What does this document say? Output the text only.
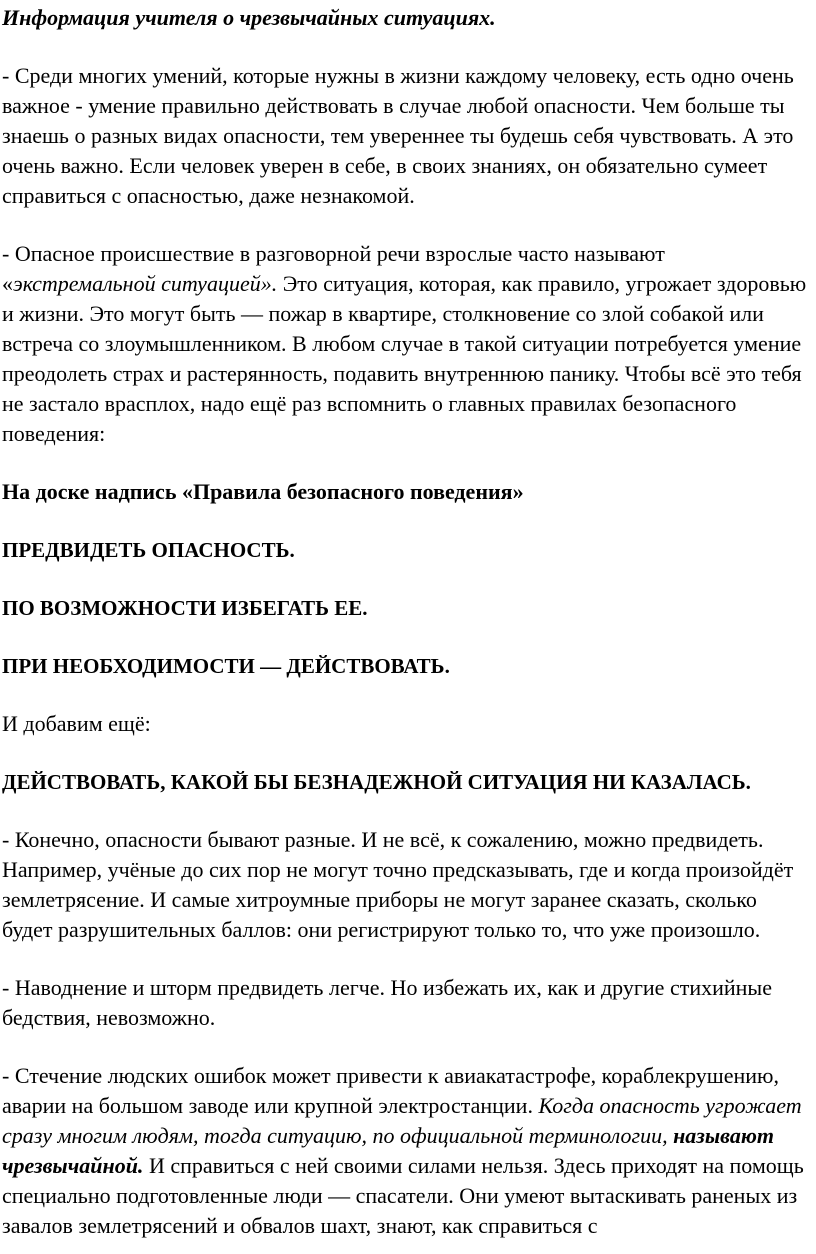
Информация учителя о чрезвычайных ситуациях.

- Среди многих умений, которые нужны в жизни каждому человеку, есть одно очень важное - умение правильно действовать в случае любой опасности. Чем больше ты знаешь о разных видах опасности, тем увереннее ты будешь себя чувствовать. А это очень важно. Если человек уверен в себе, в своих знаниях, он обязательно сумеет справиться с опасностью, даже незнакомой.

- Опасное происшествие в разговорной речи взрослые часто называют «экстремальной ситуацией». Это ситуация, которая, как правило, угрожает здоровью и жизни. Это могут быть — пожар в квартире, столкновение со злой собакой или встреча со злоумышленником. В любом случае в такой ситуации потребуется умение преодолеть страх и растерянность, подавить внутреннюю панику. Чтобы всё это тебя не застало врасплох, надо ещё раз вспомнить о главных правилах безопасного поведения:

На доске надпись «Правила безопасного поведения»

ПРЕДВИДЕТЬ ОПАСНОСТЬ.

ПО ВОЗМОЖНОСТИ ИЗБЕГАТЬ ЕЕ.

ПРИ НЕОБХОДИМОСТИ — ДЕЙСТВОВАТЬ.

И добавим ещё:

ДЕЙСТВОВАТЬ, КАКОЙ БЫ БЕЗНАДЕЖНОЙ СИТУАЦИЯ НИ КАЗАЛАСЬ.

- Конечно, опасности бывают разные. И не всё, к сожалению, можно предвидеть. Например, учёные до сих пор не могут точно предсказывать, где и когда произойдёт землетрясение. И самые хитроумные приборы не могут заранее сказать, сколько будет разрушительных баллов: они регистрируют только то, что уже произошло.

- Наводнение и шторм предвидеть легче. Но избежать их, как и другие стихийные бедствия, невозможно.

- Стечение людских ошибок может привести к авиакатастрофе, кораблекрушению, аварии на большом заводе или крупной электростанции. Когда опасность угрожает сразу многим людям, тогда ситуацию, по официальной терминологии, называют чрезвычайной. И справиться с ней своими силами нельзя. Здесь приходят на помощь специально подготовленные люди — спасатели. Они умеют вытаскивать раненых из завалов землетрясений и обвалов шахт, знают, как справиться с
